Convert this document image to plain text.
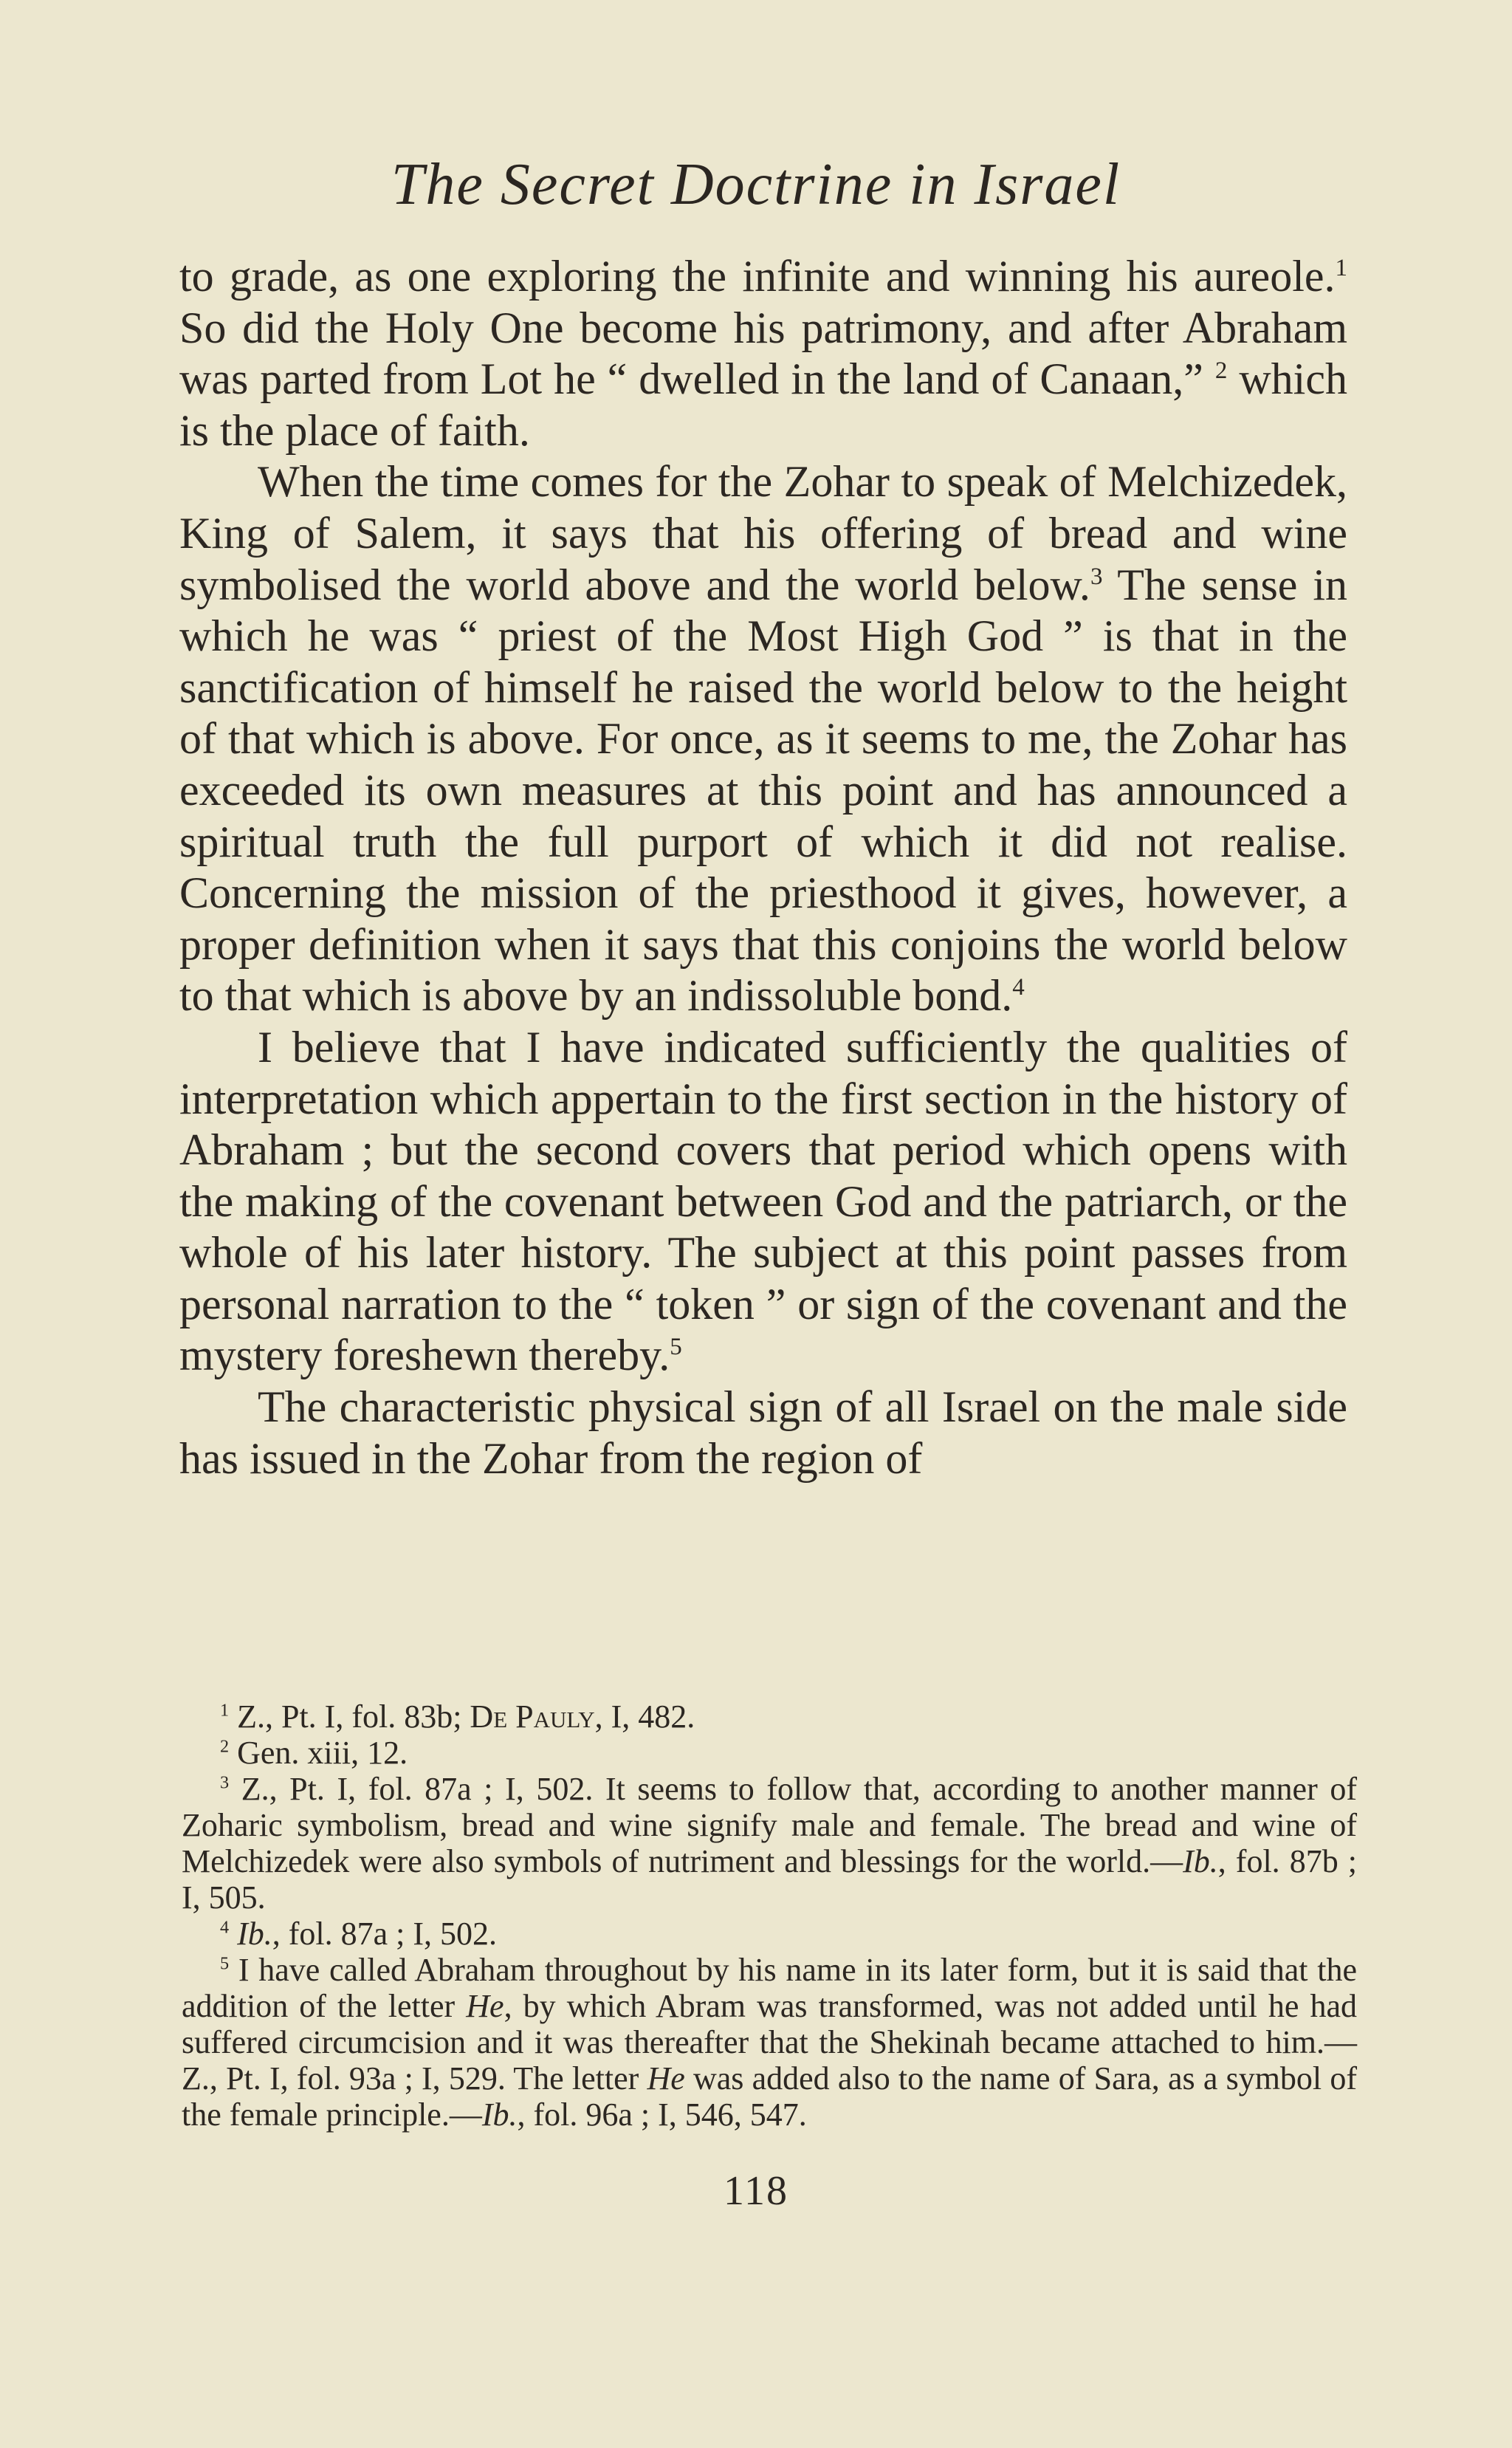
The Secret Doctrine in Israel

to grade, as one exploring the infinite and winning his aureole.$^1$ So did the Holy One become his patrimony, and after Abraham was parted from Lot he “ dwelled in the land of Canaan,” $^2$ which is the place of faith.

When the time comes for the Zohar to speak of Melchizedek, King of Salem, it says that his offering of bread and wine symbolised the world above and the world below.$^3$ The sense in which he was “ priest of the Most High God ” is that in the sanctification of himself he raised the world below to the height of that which is above. For once, as it seems to me, the Zohar has exceeded its own measures at this point and has announced a spiritual truth the full purport of which it did not realise. Concerning the mission of the priesthood it gives, however, a proper definition when it says that this conjoins the world below to that which is above by an indissoluble bond.$^4$

I believe that I have indicated sufficiently the qualities of interpretation which appertain to the first section in the history of Abraham ; but the second covers that period which opens with the making of the covenant between God and the patriarch, or the whole of his later history. The subject at this point passes from personal narration to the “ token ” or sign of the covenant and the mystery foreshewn thereby.$^5$

The characteristic physical sign of all Israel on the male side has issued in the Zohar from the region of

$^1$ Z., Pt. I, fol. 83b; De Pauly, I, 482.

$^2$ Gen. xiii, 12.

$^3$ Z., Pt. I, fol. 87a ; I, 502. It seems to follow that, according to another manner of Zoharic symbolism, bread and wine signify male and female. The bread and wine of Melchizedek were also symbols of nutriment and blessings for the world.—Ib., fol. 87b ; I, 505.

$^4$ Ib., fol. 87a ; I, 502.

$^5$ I have called Abraham throughout by his name in its later form, but it is said that the addition of the letter He, by which Abram was transformed, was not added until he had suffered circumcision and it was thereafter that the Shekinah became attached to him.—Z., Pt. I, fol. 93a ; I, 529. The letter He was added also to the name of Sara, as a symbol of the female principle.—Ib., fol. 96a ; I, 546, 547.

118
